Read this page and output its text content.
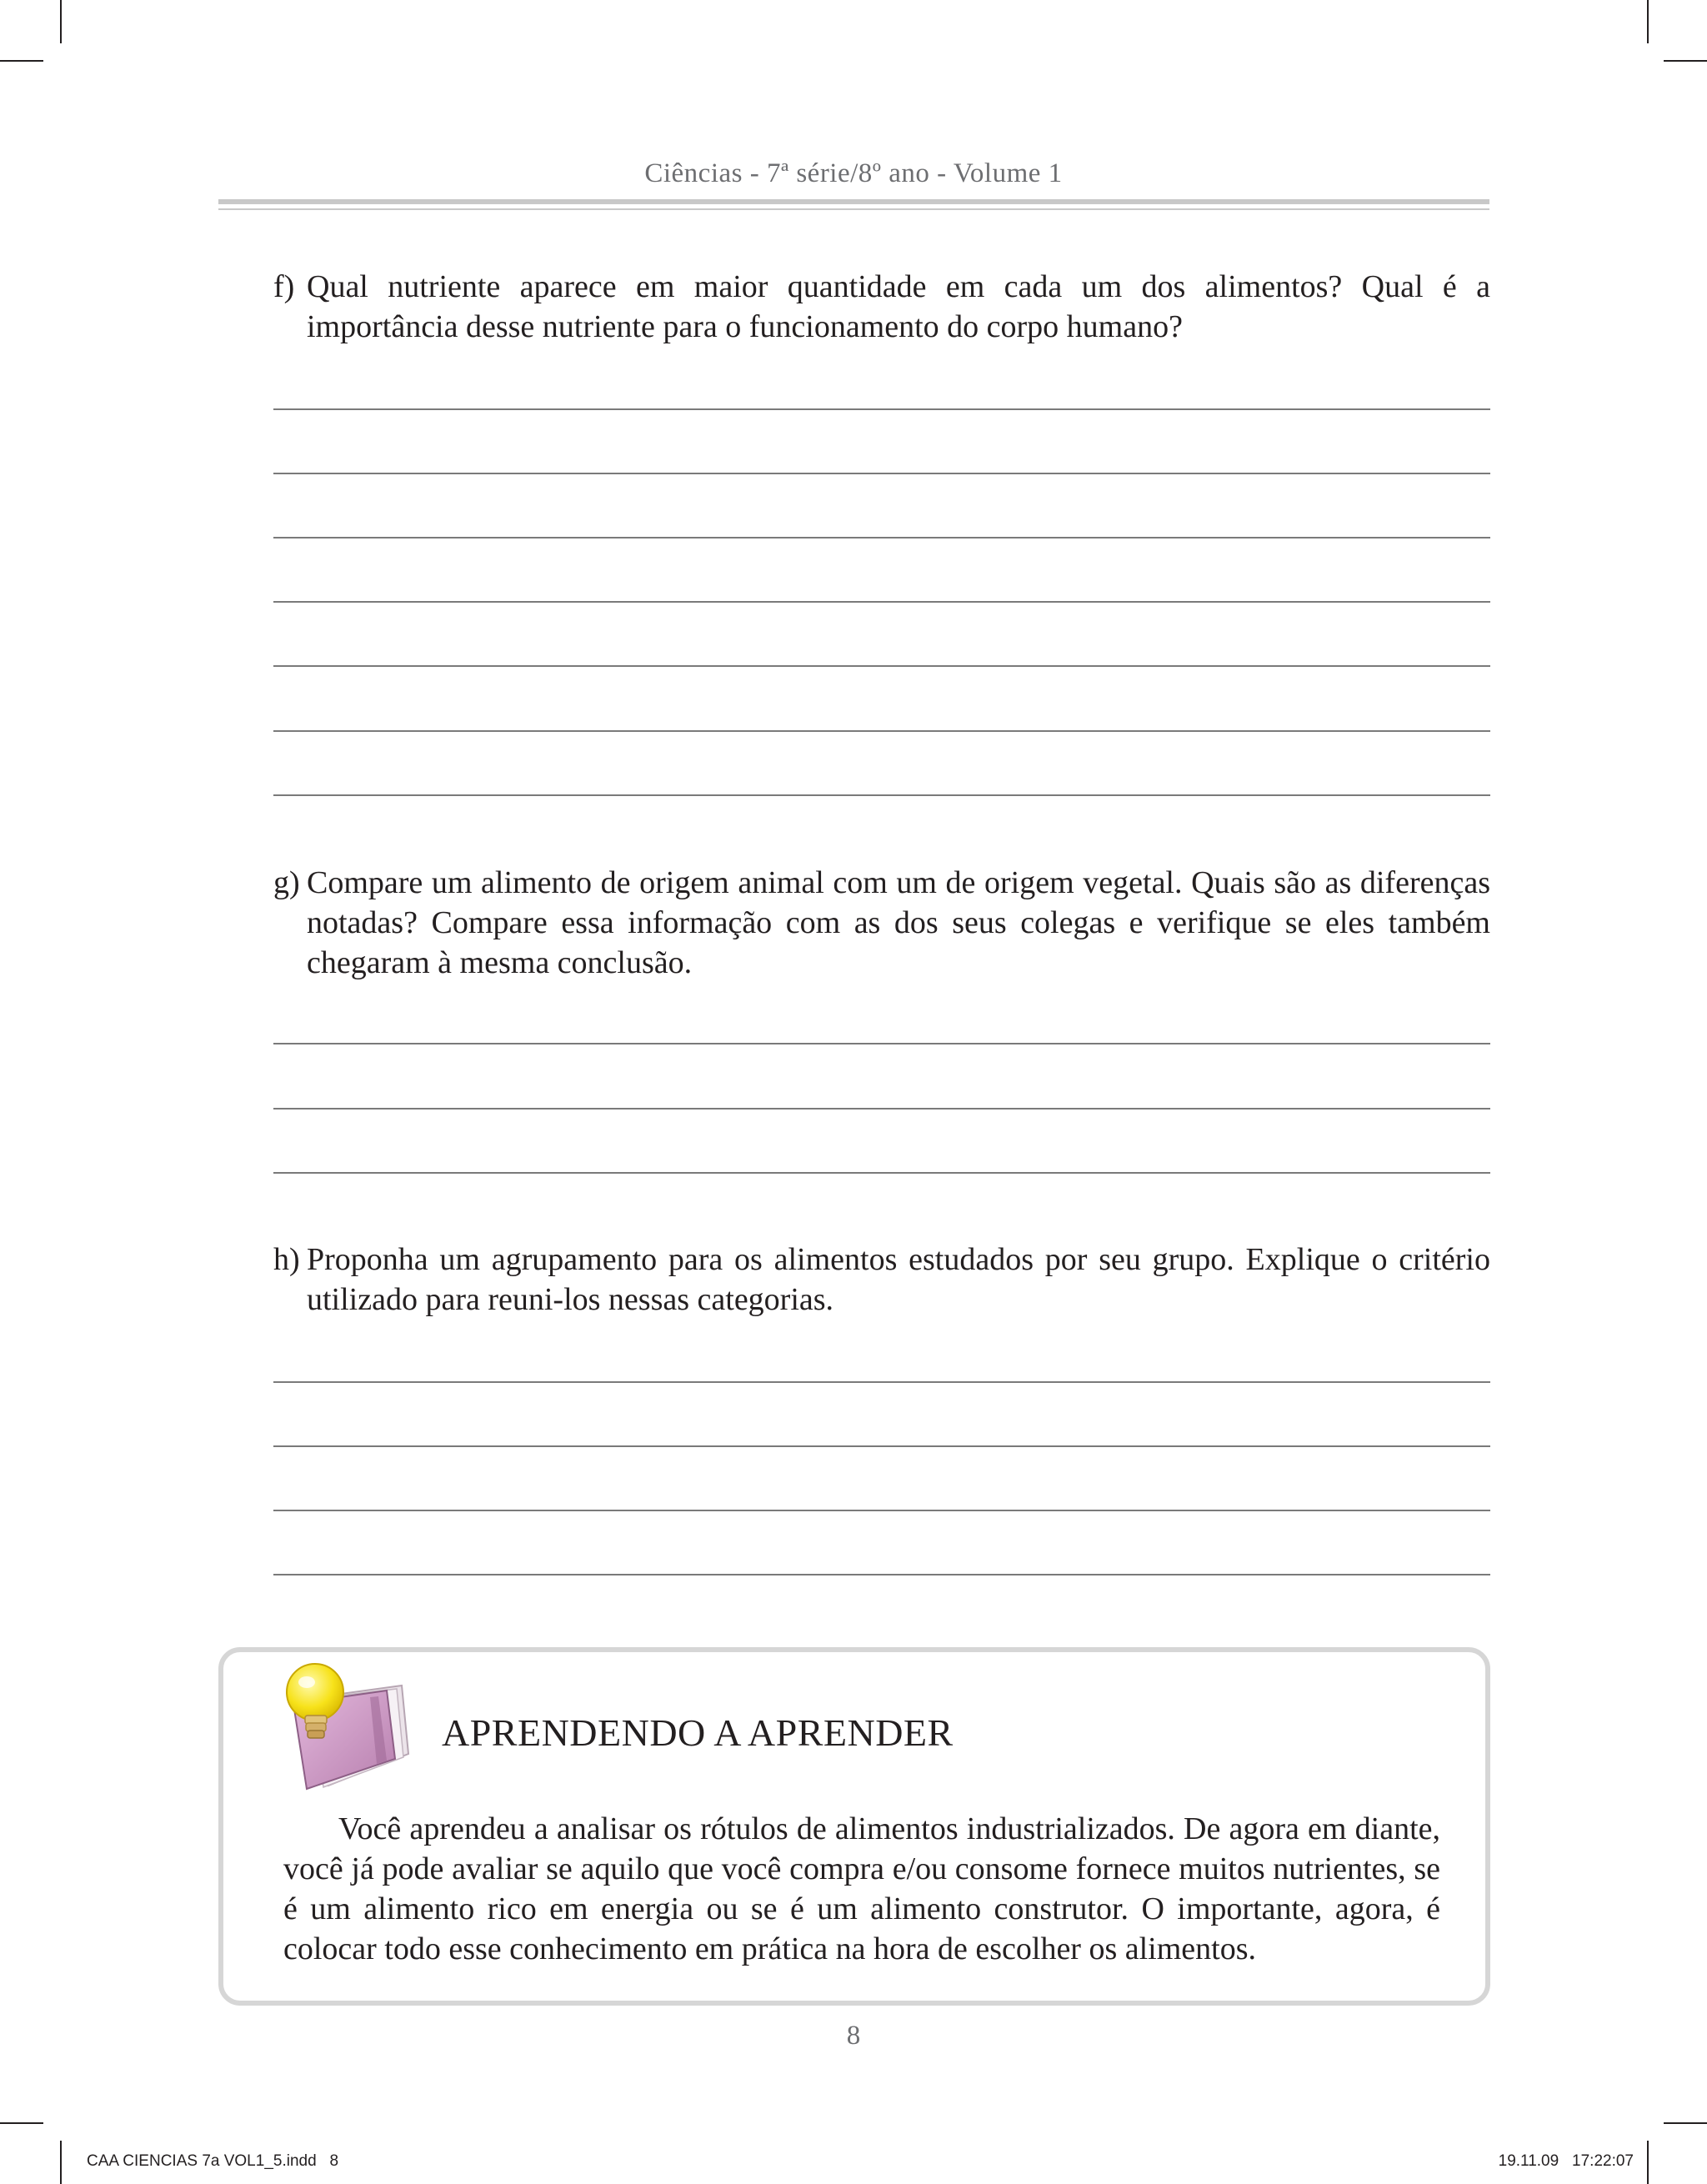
Ciências - 7ª série/8º ano - Volume 1
f) Qual nutriente aparece em maior quantidade em cada um dos alimentos? Qual é a importância desse nutriente para o funcionamento do corpo humano?
g) Compare um alimento de origem animal com um de origem vegetal. Quais são as diferenças notadas? Compare essa informação com as dos seus colegas e verifique se eles também chegaram à mesma conclusão.
h) Proponha um agrupamento para os alimentos estudados por seu grupo. Explique o critério utilizado para reuni-los nessas categorias.
APRENDENDO A APRENDER
Você aprendeu a analisar os rótulos de alimentos industrializados. De agora em diante, você já pode avaliar se aquilo que você compra e/ou consome fornece muitos nutrientes, se é um alimento rico em energia ou se é um alimento construtor. O importante, agora, é colocar todo esse conhecimento em prática na hora de escolher os alimentos.
8
CAA CIENCIAS 7a VOL1_5.indd   8	19.11.09   17:22:07
